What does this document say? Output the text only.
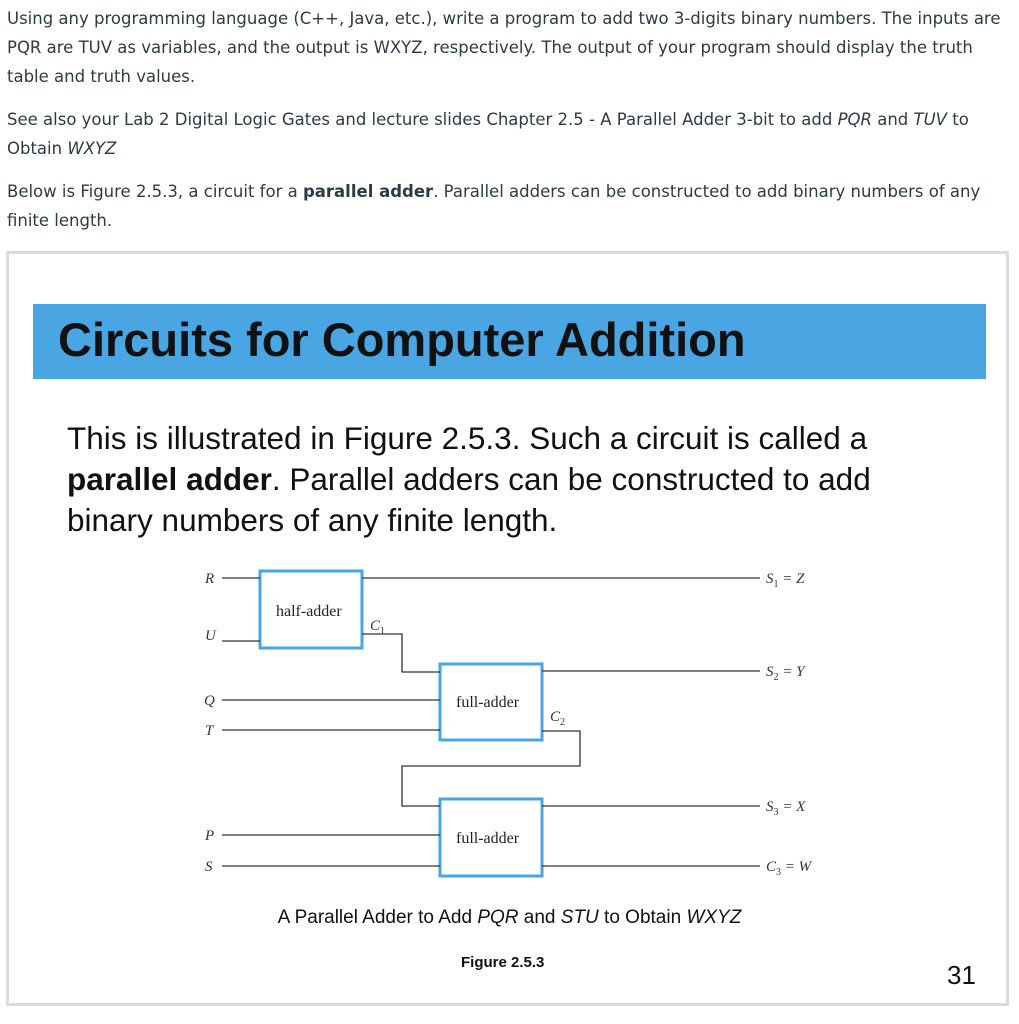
Using any programming language (C++, Java, etc.), write a program to add two 3-digits binary numbers. The inputs are PQR are TUV as variables, and the output is WXYZ, respectively. The output of your program should display the truth table and truth values.

See also your Lab 2 Digital Logic Gates and lecture slides Chapter 2.5 - A Parallel Adder 3-bit to add PQR and TUV to Obtain WXYZ

Below is Figure 2.5.3, a circuit for a parallel adder. Parallel adders can be constructed to add binary numbers of any finite length.

Circuits for Computer Addition

This is illustrated in Figure 2.5.3. Such a circuit is called a parallel adder. Parallel adders can be constructed to add binary numbers of any finite length.

R
U
Q
T
P
S
half-adder
full-adder
full-adder
$C_1$
$C_2$
$S_1 = Z$
$S_2 = Y$
$S_3 = X$
$C_3 = W$
A Parallel Adder to Add PQR and STU to Obtain WXYZ
Figure 2.5.3	31
